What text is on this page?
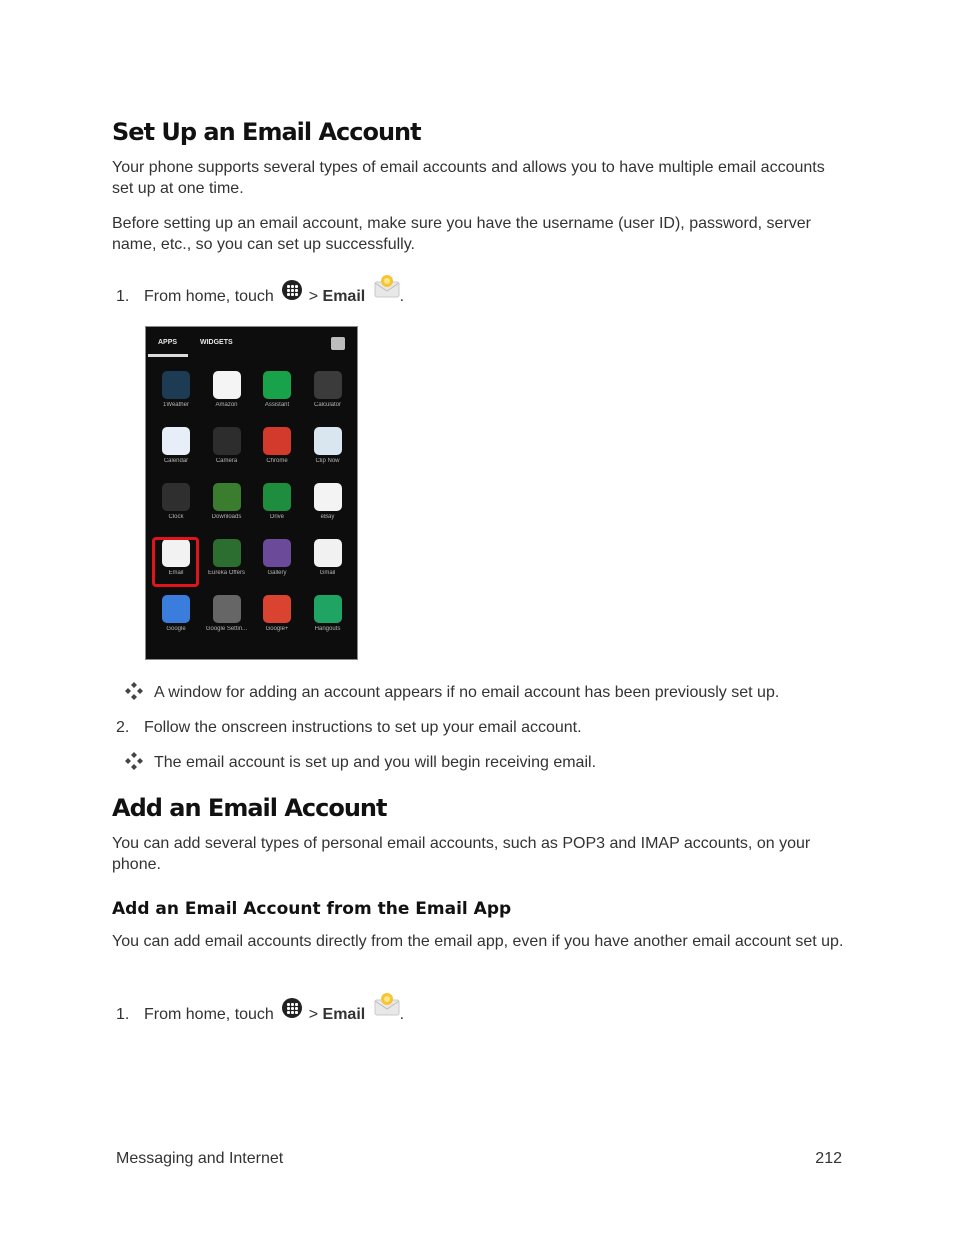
Set Up an Email Account

Your phone supports several types of email accounts and allows you to have multiple email accounts set up at one time.

Before setting up an email account, make sure you have the username (user ID), password, server name, etc., so you can set up successfully.

1. From home, touch > Email .
APPS	WIDGETS
1Weather	Amazon	Assistant	Calculator
Calendar	Camera	Chrome	Clip Now
Clock	Downloads	Drive	eBay
Email	Eureka Offers	Gallery	Gmail
Google	Google Settin...	Google+	Hangouts
A window for adding an account appears if no email account has been previously set up.
2. Follow the onscreen instructions to set up your email account.
The email account is set up and you will begin receiving email.
Add an Email Account

You can add several types of personal email accounts, such as POP3 and IMAP accounts, on your phone.

Add an Email Account from the Email App

You can add email accounts directly from the email app, even if you have another email account set up.

1. From home, touch > Email .
Messaging and Internet	212
